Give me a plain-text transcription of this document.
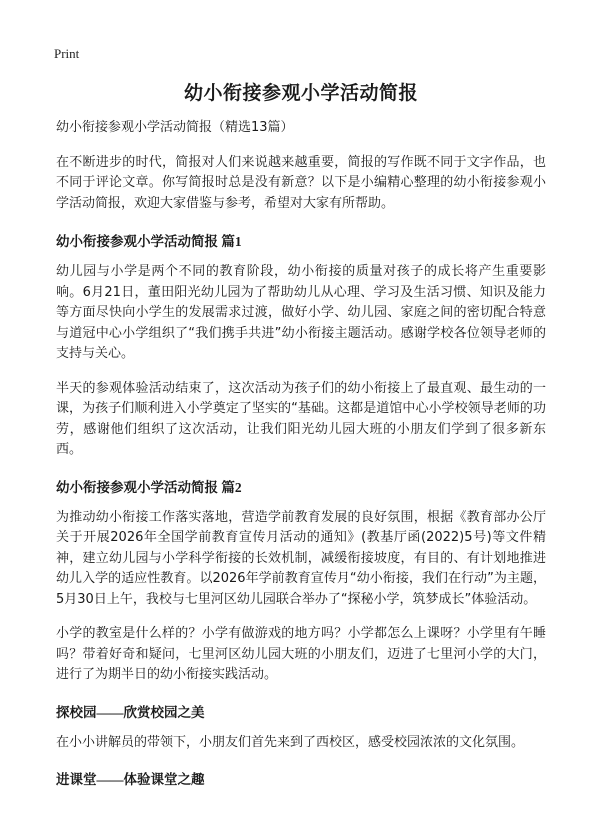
Print
幼小衔接参观小学活动简报

幼小衔接参观小学活动简报（精选13篇）

在不断进步的时代，简报对人们来说越来越重要，简报的写作既不同于文字作品，也不同于评论文章。你写简报时总是没有新意？以下是小编精心整理的幼小衔接参观小学活动简报，欢迎大家借鉴与参考，希望对大家有所帮助。

幼小衔接参观小学活动简报 篇1

幼儿园与小学是两个不同的教育阶段，幼小衔接的质量对孩子的成长将产生重要影响。6月21日，董田阳光幼儿园为了帮助幼儿从心理、学习及生活习惯、知识及能力等方面尽快向小学生的发展需求过渡，做好小学、幼儿园、家庭之间的密切配合特意与道冠中心小学组织了“我们携手共进”幼小衔接主题活动。感谢学校各位领导老师的支持与关心。

半天的参观体验活动结束了，这次活动为孩子们的幼小衔接上了最直观、最生动的一课，为孩子们顺利进入小学奠定了坚实的“基础。这都是道馆中心小学校领导老师的功劳，感谢他们组织了这次活动，让我们阳光幼儿园大班的小朋友们学到了很多新东西。

幼小衔接参观小学活动简报 篇2

为推动幼小衔接工作落实落地，营造学前教育发展的良好氛围，根据《教育部办公厅关于开展2026年全国学前教育宣传月活动的通知》(教基厅函(2022)5号)等文件精神，建立幼儿园与小学科学衔接的长效机制，减缓衔接坡度，有目的、有计划地推进幼儿入学的适应性教育。以2026年学前教育宣传月“幼小衔接，我们在行动”为主题，5月30日上午，我校与七里河区幼儿园联合举办了“探秘小学，筑梦成长”体验活动。

小学的教室是什么样的？小学有做游戏的地方吗？小学都怎么上课呀？小学里有午睡吗？带着好奇和疑问，七里河区幼儿园大班的小朋友们，迈进了七里河小学的大门，进行了为期半日的幼小衔接实践活动。

探校园——欣赏校园之美

在小小讲解员的带领下，小朋友们首先来到了西校区，感受校园浓浓的文化氛围。

进课堂——体验课堂之趣
